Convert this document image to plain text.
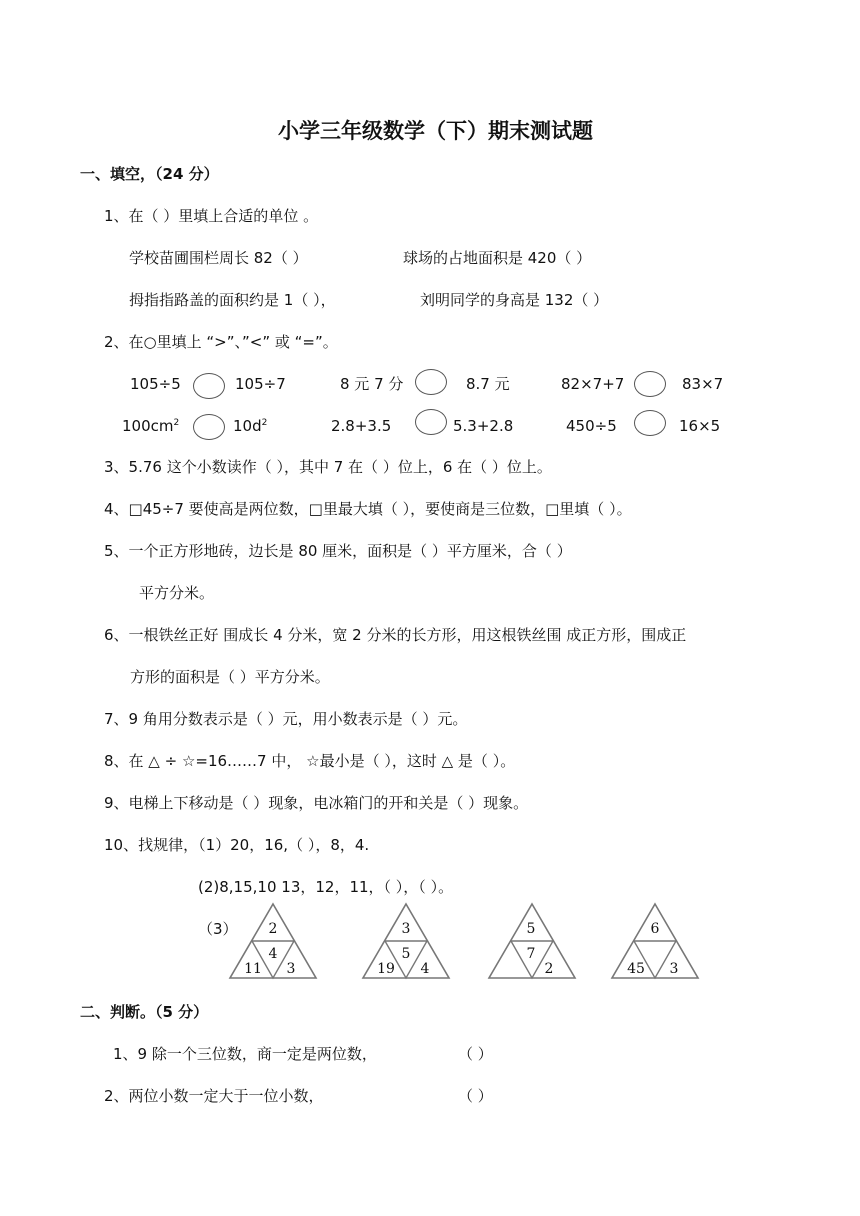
小学三年级数学（下）期末测试题
一、填空，（24 分）
1、在（ ）里填上合适的单位 。
学校苗圃围栏周长 82（ ）	球场的占地面积是 420（ ）
拇指指路盖的面积约是 1（ ），	刘明同学的身高是 132（ ）
2、在○里填上 “>”、”<” 或 “=”。
105÷5	105÷7	8 元 7 分	8.7 元	82×7+7	83×7
$100cm^2$	$10d^2$	2.8+3.5	5.3+2.8	450÷5	16×5
3、5.76 这个小数读作（ ），其中 7 在（ ）位上，6 在（ ）位上。
4、□45÷7 要使高是两位数，□里最大填（ ），要使商是三位数，□里填（ ）。
5、一个正方形地砖，边长是 80 厘米，面积是（ ）平方厘米，合（ ）
平方分米。
6、一根铁丝正好 围成长 4 分米，宽 2 分米的长方形，用这根铁丝围 成正方形，围成正
方形的面积是（ ）平方分米。
7、9 角用分数表示是（ ）元，用小数表示是（ ）元。
8、在 △ ÷ ☆=16……7 中， ☆最小是（ ），这时 △ 是（ ）。
9、电梯上下移动是（ ）现象，电冰箱门的开和关是（ ）现象。
10、找规律，（1）20，16,（ ），8，4.
(2)8,15,10 13，12，11，（ ），（ ）。
（3） 2
4
11 3
3
5
19 4
5
7
2
6
45 3
二、判断。（5 分）
1、9 除一个三位数，商一定是两位数，	（ ）
2、两位小数一定大于一位小数，	（ ）
